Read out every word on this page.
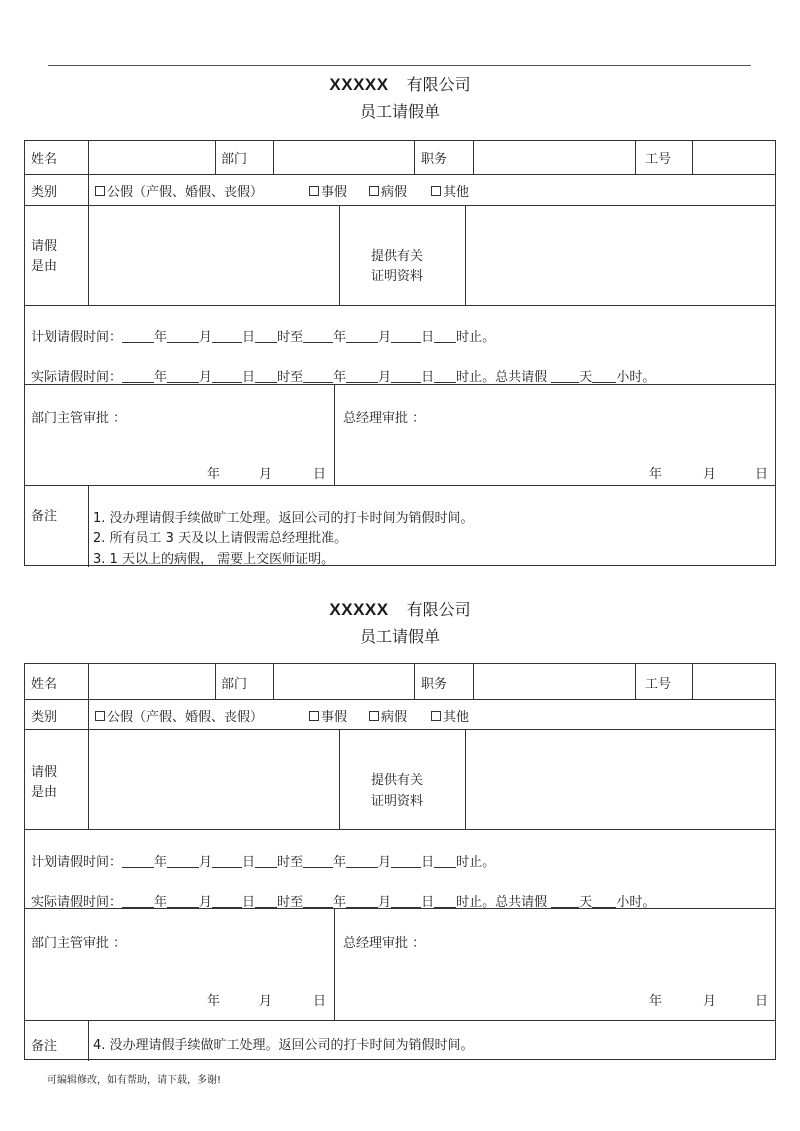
XXXXX 有限公司
员工请假单
姓名	部门	职务	工号
类别	公假（产假、婚假、丧假）	事假	病假	其他
请假
是由
提供有关
证明资料
计划请假时间： 年 月 日 时至 年 月 日 时止。
实际请假时间： 年 月 日 时至 年 月 日 时止。总共请假 天 小时。
部门主管审批 ：
年	月	日
总经理审批 ：
年	月	日
备注	1. 没办理请假手续做旷工处理。返回公司的打卡时间为销假时间。
2. 所有员工 3 天及以上请假需总经理批准。
3. 1 天以上的病假， 需要上交医师证明。
XXXXX 有限公司
员工请假单
姓名	部门	职务	工号
类别	公假（产假、婚假、丧假）	事假	病假	其他
请假
是由
提供有关
证明资料
计划请假时间： 年 月 日 时至 年 月 日 时止。
实际请假时间： 年 月 日 时至 年 月 日 时止。总共请假 天 小时。
部门主管审批 ：
年	月	日
总经理审批 ：
年	月	日
备注	4. 没办理请假手续做旷工处理。返回公司的打卡时间为销假时间。
可编辑修改，如有帮助，请下载，多谢!
